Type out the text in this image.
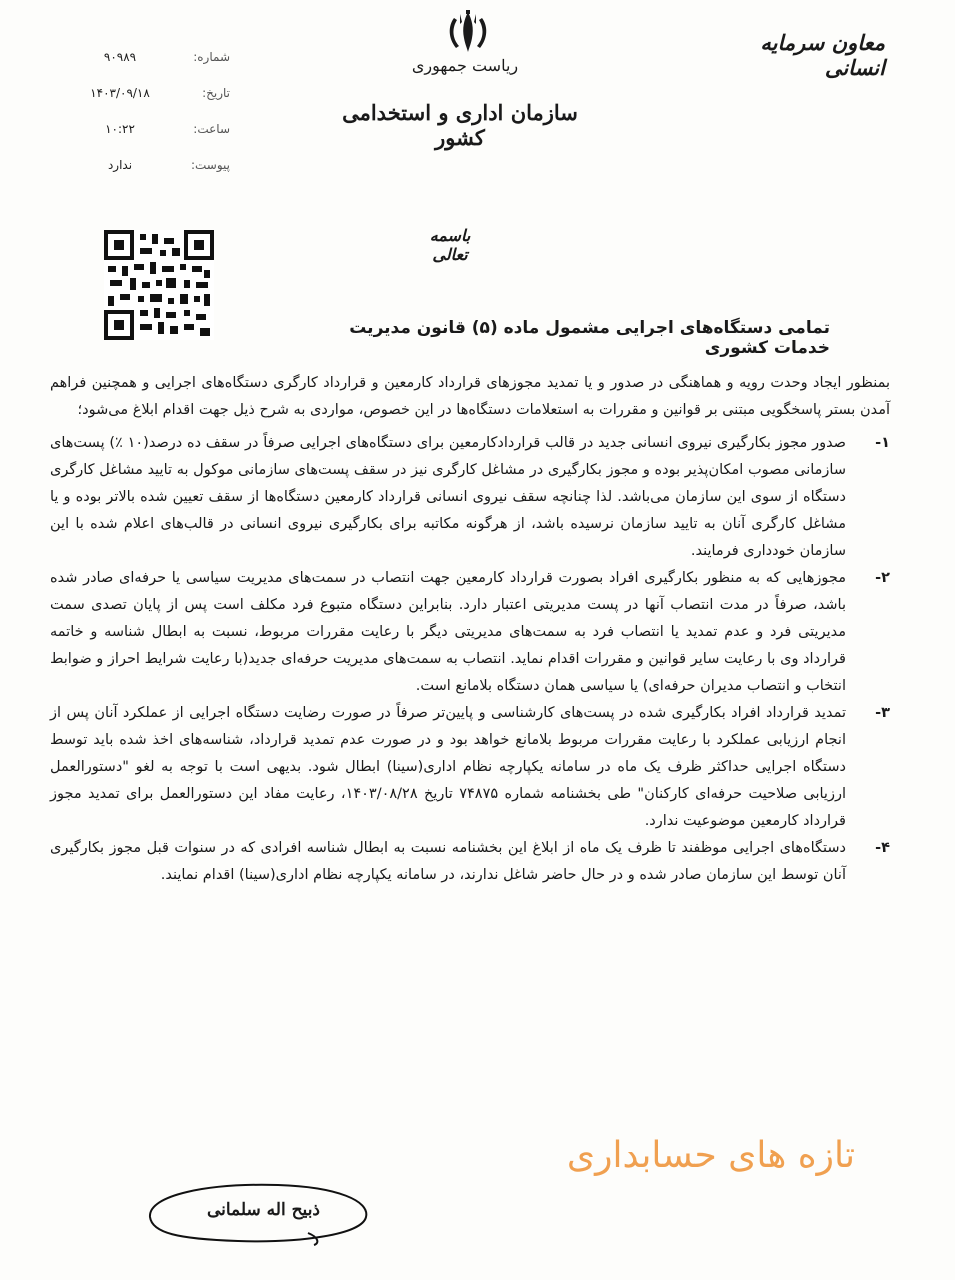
ریاست جمهوری
سازمان اداری و استخدامی کشور
معاون سرمایه انسانی
شماره:
۹۰۹۸۹
تاریخ:
۱۴۰۳/۰۹/۱۸
ساعت:
۱۰:۲۲
پیوست:
ندارد
باسمه تعالی
تمامی دستگاه‌های اجرایی مشمول ماده (۵) قانون مدیریت خدمات کشوری

بمنظور ایجاد وحدت رویه و هماهنگی در صدور و یا تمدید مجوزهای قرارداد کارمعین و قرارداد کارگری دستگاه‌های اجرایی و همچنین فراهم آمدن بستر پاسخگویی مبتنی بر قوانین و مقررات به استعلامات دستگاه‌ها در این خصوص، مواردی به شرح ذیل جهت اقدام ابلاغ می‌شود؛

۱-
صدور مجوز بکارگیری نیروی انسانی جدید در قالب قراردادکارمعین برای دستگاه‌های اجرایی صرفاً در سقف ده درصد(۱۰ ٪) پست‌های سازمانی مصوب امکان‌پذیر بوده و مجوز بکارگیری در مشاغل کارگری نیز در سقف پست‌های سازمانی موکول به تایید مشاغل کارگری دستگاه از سوی این سازمان می‌باشد. لذا چنانچه سقف نیروی انسانی قرارداد کارمعین دستگاه‌ها از سقف تعیین شده بالاتر بوده و یا مشاغل کارگری آنان به تایید سازمان نرسیده باشد، از هرگونه مکاتبه برای بکارگیری نیروی انسانی در قالب‌های اعلام شده با این سازمان خودداری فرمایند.
۲-
مجوزهایی که به منظور بکارگیری افراد بصورت قرارداد کارمعین جهت انتصاب در سمت‌های مدیریت سیاسی یا حرفه‌ای صادر شده باشد، صرفاً در مدت انتصاب آنها در پست مدیریتی اعتبار دارد. بنابراین دستگاه متبوع فرد مکلف است پس از پایان تصدی سمت مدیریتی فرد و عدم تمدید یا انتصاب فرد به سمت‌های مدیریتی دیگر با رعایت مقررات مربوط، نسبت به ابطال شناسه و خاتمه قرارداد وی با رعایت سایر قوانین و مقررات اقدام نماید. انتصاب به سمت‌های مدیریت حرفه‌ای جدید(با رعایت شرایط احراز و ضوابط انتخاب و انتصاب مدیران حرفه‌ای) یا سیاسی همان دستگاه بلامانع است.
۳-
تمدید قرارداد افراد بکارگیری شده در پست‌های کارشناسی و پایین‌تر صرفاً در صورت رضایت دستگاه اجرایی از عملکرد آنان پس از انجام ارزیابی عملکرد با رعایت مقررات مربوط بلامانع خواهد بود و در صورت عدم تمدید قرارداد، شناسه‌های اخذ شده باید توسط دستگاه اجرایی حداکثر ظرف یک ماه در سامانه یکپارچه نظام اداری(سینا) ابطال شود. بدیهی است با توجه به لغو "دستورالعمل ارزیابی صلاحیت حرفه‌ای کارکنان" طی بخشنامه شماره ۷۴۸۷۵ تاریخ ۱۴۰۳/۰۸/۲۸، رعایت مفاد این دستورالعمل برای تمدید مجوز قرارداد کارمعین موضوعیت ندارد.
۴-
دستگاه‌های اجرایی موظفند تا ظرف یک ماه از ابلاغ این بخشنامه نسبت به ابطال شناسه افرادی که در سنوات قبل مجوز بکارگیری آنان توسط این سازمان صادر شده و در حال حاضر شاغل ندارند، در سامانه یکپارچه نظام اداری(سینا) اقدام نمایند.
تازه های حسابداری
ذبیح اله سلمانی
